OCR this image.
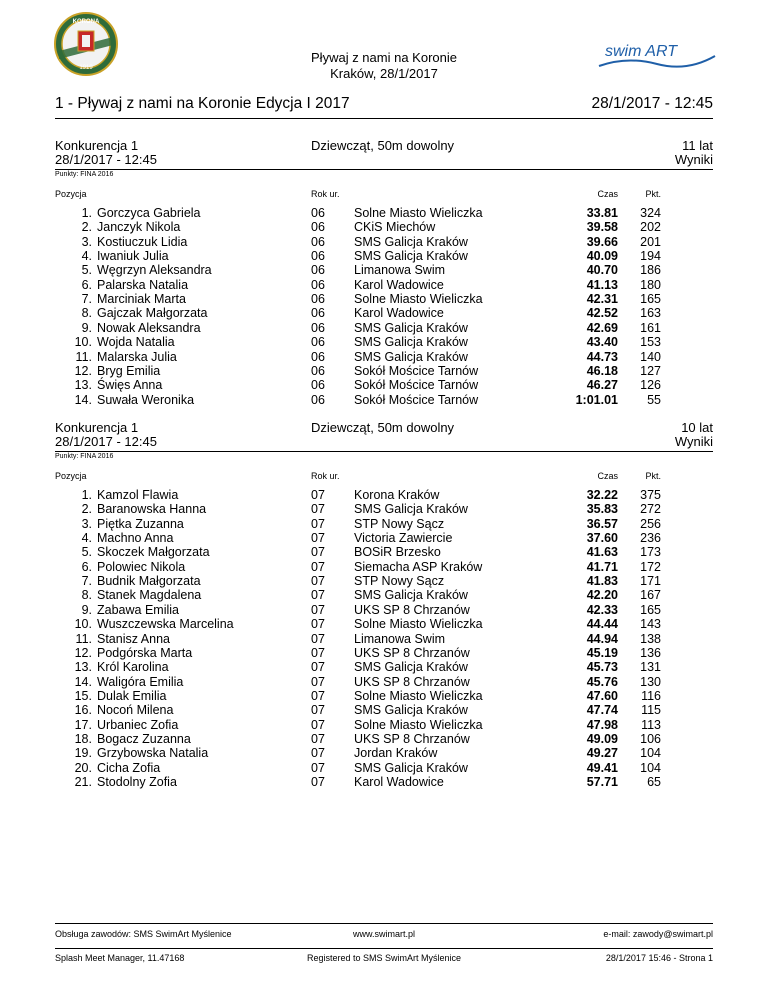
KORONA
1919
swim ART
Pływaj z nami na Koronie
Kraków, 28/1/2017
1 - Pływaj z nami na Koronie Edycja I 2017	28/1/2017 - 12:45
Konkurencja 1
28/1/2017 - 12:45
Dziewcząt, 50m dowolny	11 lat
Wyniki
Punkty: FINA 2016
Pozycja	Rok ur.	Czas	Pkt.
1. Gorczyca Gabriela	06 Solne Miasto Wieliczka	33.81 324
2. Janczyk Nikola	06 CKiS Miechów	39.58 202
3. Kostiuczuk Lidia	06 SMS Galicja Kraków	39.66 201
4. Iwaniuk Julia	06 SMS Galicja Kraków	40.09 194
5. Węgrzyn Aleksandra	06 Limanowa Swim	40.70 186
6. Palarska Natalia	06 Karol Wadowice	41.13 180
7. Marciniak Marta	06 Solne Miasto Wieliczka	42.31 165
8. Gajczak Małgorzata	06 Karol Wadowice	42.52 163
9. Nowak Aleksandra	06 SMS Galicja Kraków	42.69 161
10. Wojda Natalia	06 SMS Galicja Kraków	43.40 153
11. Malarska Julia	06 SMS Galicja Kraków	44.73 140
12. Bryg Emilia	06 Sokół Mościce Tarnów	46.18 127
13. Święs Anna	06 Sokół Mościce Tarnów	46.27 126
14. Suwała Weronika	06 Sokół Mościce Tarnów	1:01.01 55
Konkurencja 1
28/1/2017 - 12:45
Dziewcząt, 50m dowolny	10 lat
Wyniki
Punkty: FINA 2016
Pozycja	Rok ur.	Czas	Pkt.
1. Kamzol Flawia	07 Korona Kraków	32.22 375
2. Baranowska Hanna	07 SMS Galicja Kraków	35.83 272
3. Piętka Zuzanna	07 STP Nowy Sącz	36.57 256
4. Machno Anna	07 Victoria Zawiercie	37.60 236
5. Skoczek Małgorzata	07 BOSiR Brzesko	41.63 173
6. Polowiec Nikola	07 Siemacha ASP Kraków	41.71 172
7. Budnik Małgorzata	07 STP Nowy Sącz	41.83 171
8. Stanek Magdalena	07 SMS Galicja Kraków	42.20 167
9. Zabawa Emilia	07 UKS SP 8 Chrzanów	42.33 165
10. Wuszczewska Marcelina	07 Solne Miasto Wieliczka	44.44 143
11. Stanisz Anna	07 Limanowa Swim	44.94 138
12. Podgórska Marta	07 UKS SP 8 Chrzanów	45.19 136
13. Król Karolina	07 SMS Galicja Kraków	45.73 131
14. Waligóra Emilia	07 UKS SP 8 Chrzanów	45.76 130
15. Dulak Emilia	07 Solne Miasto Wieliczka	47.60 116
16. Nocoń Milena	07 SMS Galicja Kraków	47.74 115
17. Urbaniec Zofia	07 Solne Miasto Wieliczka	47.98 113
18. Bogacz Zuzanna	07 UKS SP 8 Chrzanów	49.09 106
19. Grzybowska Natalia	07 Jordan Kraków	49.27 104
20. Cicha Zofia	07 SMS Galicja Kraków	49.41 104
21. Stodolny Zofia	07 Karol Wadowice	57.71 65
Obsługa zawodów: SMS SwimArt Myślenice	www.swimart.pl	e-mail: zawody@swimart.pl
Splash Meet Manager, 11.47168	Registered to SMS SwimArt Myślenice	28/1/2017 15:46 - Strona 1
